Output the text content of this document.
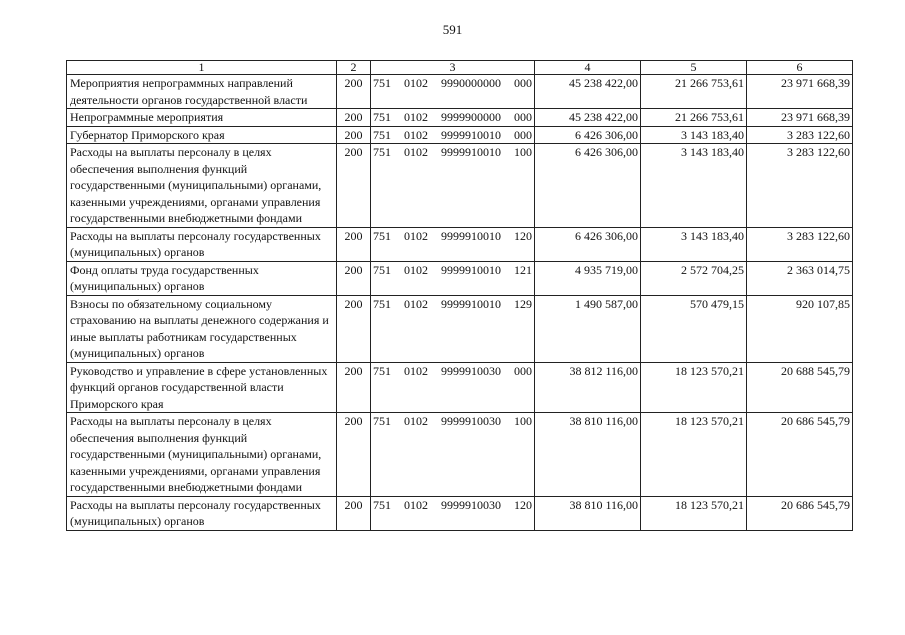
591
1	2	3	4	5	6
Мероприятия непрограммных направлений деятельности органов государственной власти	200	751 0102 9990000000 000	45 238 422,00	21 266 753,61	23 971 668,39
Непрограммные мероприятия	200	751 0102 9999900000 000	45 238 422,00	21 266 753,61	23 971 668,39
Губернатор Приморского края	200	751 0102 9999910010 000	6 426 306,00	3 143 183,40	3 283 122,60
Расходы на выплаты персоналу в целях обеспечения выполнения функций государственными (муниципальными) органами, казенными учреждениями, органами управления государственными внебюджетными фондами	200	751 0102 9999910010 100	6 426 306,00	3 143 183,40	3 283 122,60
Расходы на выплаты персоналу государственных (муниципальных) органов	200	751 0102 9999910010 120	6 426 306,00	3 143 183,40	3 283 122,60
Фонд оплаты труда государственных (муниципальных) органов	200	751 0102 9999910010 121	4 935 719,00	2 572 704,25	2 363 014,75
Взносы по обязательному социальному страхованию на выплаты денежного содержания и иные выплаты работникам государственных (муниципальных) органов	200	751 0102 9999910010 129	1 490 587,00	570 479,15	920 107,85
Руководство и управление в сфере установленных функций органов государственной власти Приморского края	200	751 0102 9999910030 000	38 812 116,00	18 123 570,21	20 688 545,79
Расходы на выплаты персоналу в целях обеспечения выполнения функций государственными (муниципальными) органами, казенными учреждениями, органами управления государственными внебюджетными фондами	200	751 0102 9999910030 100	38 810 116,00	18 123 570,21	20 686 545,79
Расходы на выплаты персоналу государственных (муниципальных) органов	200	751 0102 9999910030 120	38 810 116,00	18 123 570,21	20 686 545,79
